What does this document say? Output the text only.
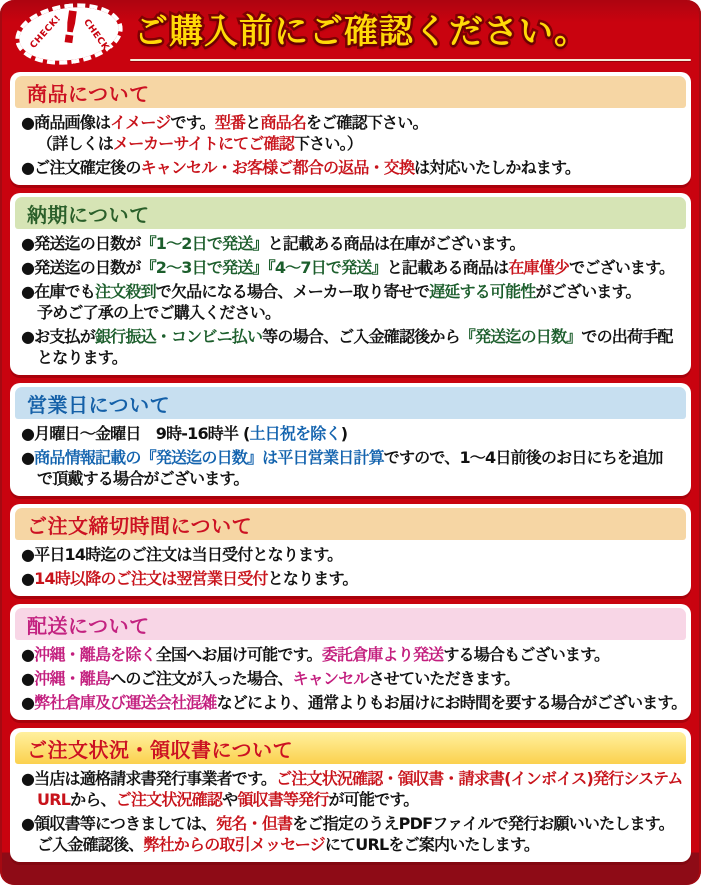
CHECK!
!
CHECK! ご購入前にご確認ください。
商品について
●商品画像はイメージです。型番と商品名をご確認下さい。
（詳しくはメーカーサイトにてご確認下さい。）
●ご注文確定後のキャンセル・お客様ご都合の返品・交換は対応いたしかねます。
納期について
●発送迄の日数が『1～2日で発送』と記載ある商品は在庫がございます。
●発送迄の日数が『2～3日で発送』『4～7日で発送』と記載ある商品は在庫僅少でございます。
●在庫でも注文殺到で欠品になる場合、メーカー取り寄せで遅延する可能性がございます。
予めご了承の上でご購入ください。
●お支払が銀行振込・コンビニ払い等の場合、ご入金確認後から『発送迄の日数』での出荷手配
となります。
営業日について
●月曜日～金曜日　9時-16時半 (土日祝を除く)
●商品情報記載の『発送迄の日数』は平日営業日計算ですので、1～4日前後のお日にちを追加
で頂戴する場合がございます。
ご注文締切時間について
●平日14時迄のご注文は当日受付となります。
●14時以降のご注文は翌営業日受付となります。
配送について
●沖縄・離島を除く全国へお届け可能です。委託倉庫より発送する場合もございます。
●沖縄・離島へのご注文が入った場合、キャンセルさせていただきます。
●弊社倉庫及び運送会社混雑などにより、通常よりもお届けにお時間を要する場合がございます。
ご注文状況・領収書について
●当店は適格請求書発行事業者です。ご注文状況確認・領収書・請求書(インボイス)発行システム
URLから、ご注文状況確認や領収書等発行が可能です。
●領収書等につきましては、宛名・但書をご指定のうえPDFファイルで発行お願いいたします。
ご入金確認後、弊社からの取引メッセージにてURLをご案内いたします。
